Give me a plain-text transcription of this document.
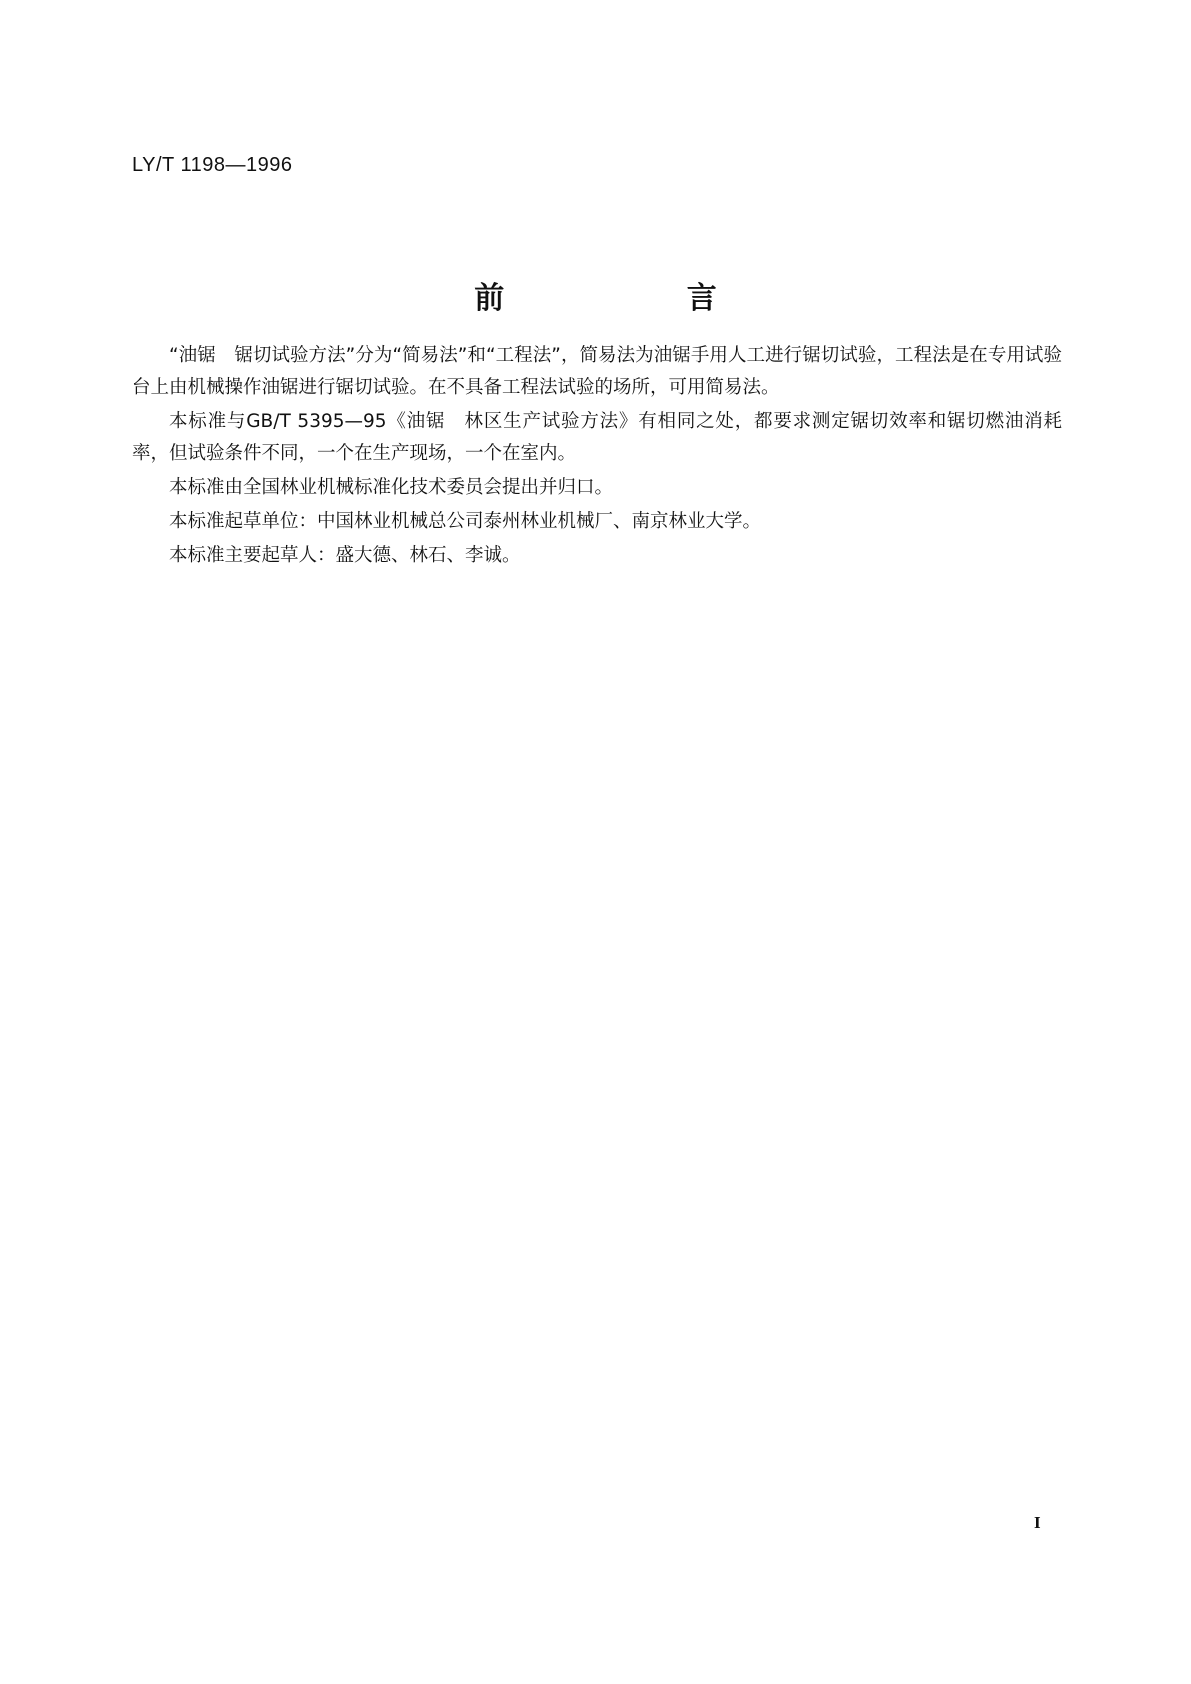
LY/T 1198—1996
前 言

“油锯　锯切试验方法”分为“简易法”和“工程法”，简易法为油锯手用人工进行锯切试验，工程法是在专用试验台上由机械操作油锯进行锯切试验。在不具备工程法试验的场所，可用简易法。

本标准与GB/T 5395—95《油锯　林区生产试验方法》有相同之处，都要求测定锯切效率和锯切燃油消耗率，但试验条件不同，一个在生产现场，一个在室内。

本标准由全国林业机械标准化技术委员会提出并归口。

本标准起草单位：中国林业机械总公司泰州林业机械厂、南京林业大学。

本标准主要起草人：盛大德、林石、李诚。

I
